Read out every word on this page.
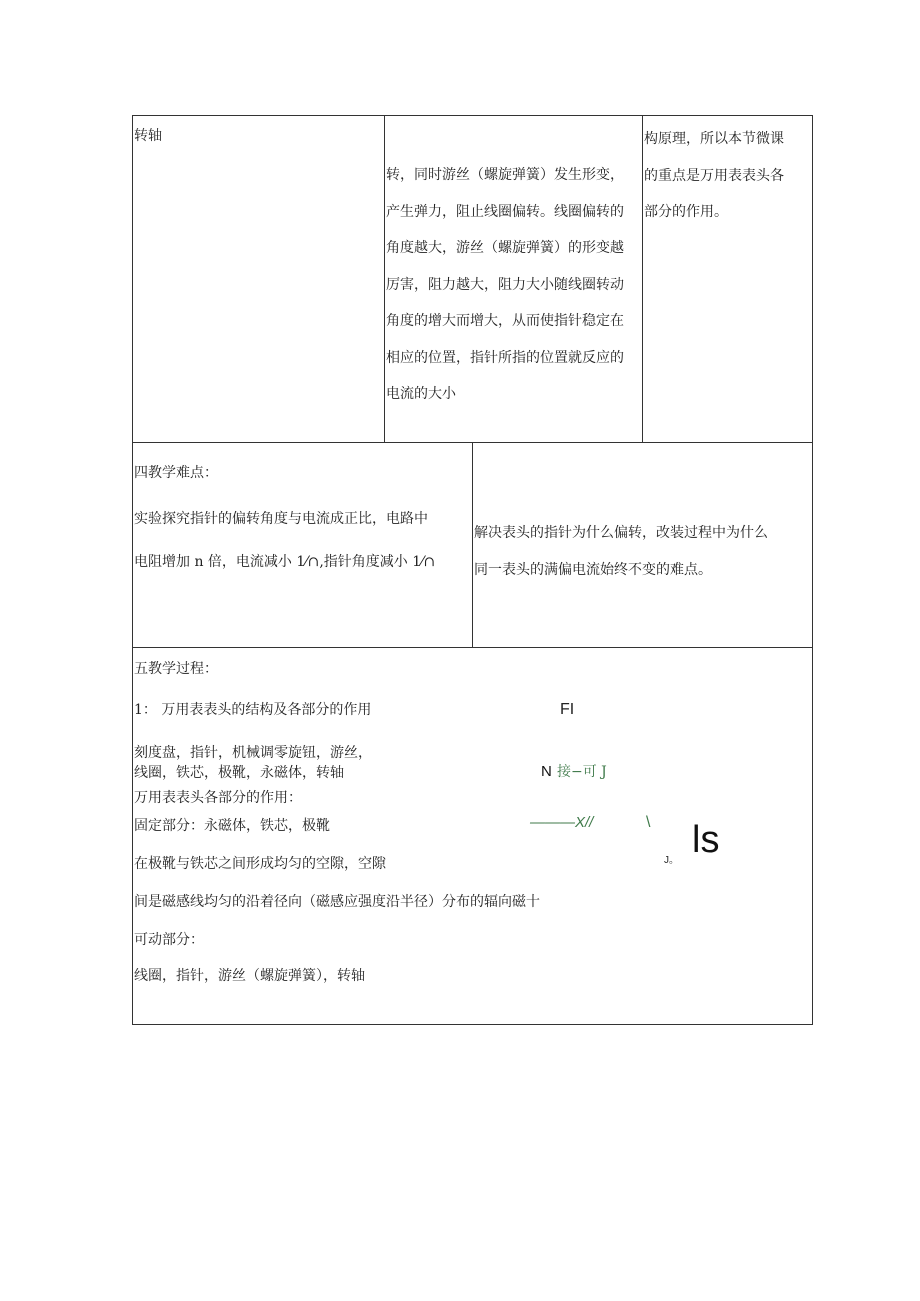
转轴
转，同时游丝（螺旋弹簧）发生形变，
产生弹力，阻止线圈偏转。线圈偏转的
角度越大，游丝（螺旋弹簧）的形变越
厉害，阻力越大，阻力大小随线圈转动
角度的增大而增大，从而使指针稳定在
相应的位置，指针所指的位置就反应的
电流的大小
构原理，所以本节微课
的重点是万用表表头各
部分的作用。
四教学难点：
实验探究指针的偏转角度与电流成正比，电路中
电阻增加 n 倍，电流减小 1⁄∩,指针角度减小 1⁄∩
解决表头的指针为什么偏转，改装过程中为什么
同一表头的满偏电流始终不变的难点。
五教学过程：
1： 万用表表头的结构及各部分的作用
刻度盘，指针，机械调零旋钮，游丝，
线圈，铁芯，极靴，永磁体，转轴
万用表表头各部分的作用：
固定部分：永磁体，铁芯，极靴
在极靴与铁芯之间形成均匀的空隙，空隙
间是磁感线均匀的沿着径向（磁感应强度沿半径）分布的辐向磁十
可动部分：
线圈，指针，游丝（螺旋弹簧），转轴
FI
N 接−可 J
———X//	\
J。 ls
